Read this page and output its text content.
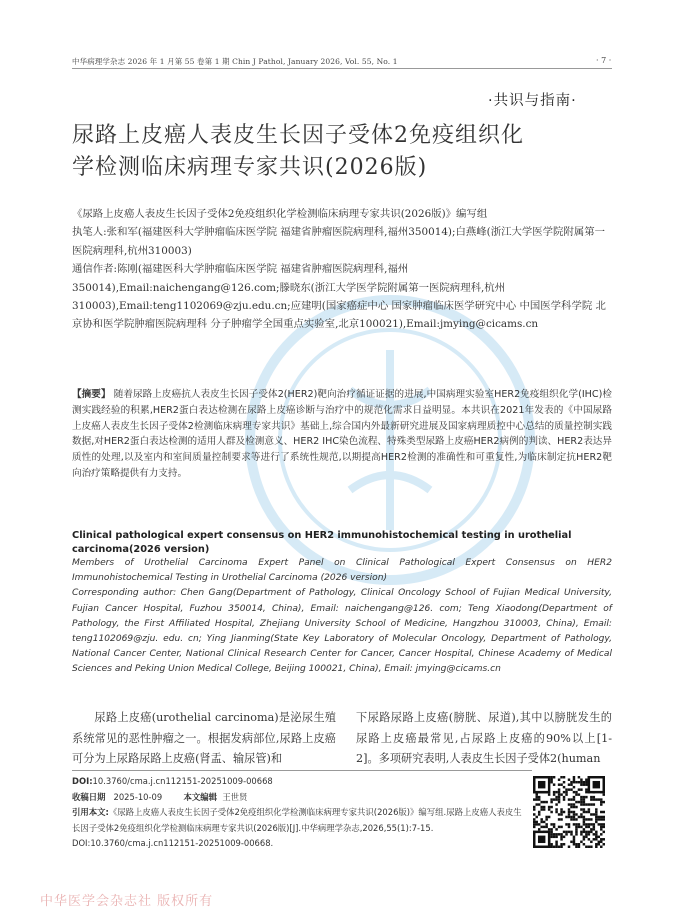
中华病理学杂志 2026 年 1 月第 55 卷第 1 期 Chin J Pathol, January 2026, Vol. 55, No. 1	· 7 ·
·共识与指南·
尿路上皮癌人表皮生长因子受体2免疫组织化学检测临床病理专家共识(2026版)

《尿路上皮癌人表皮生长因子受体2免疫组织化学检测临床病理专家共识(2026版)》编写组

执笔人:张和军(福建医科大学肿瘤临床医学院 福建省肿瘤医院病理科,福州350014);白燕峰(浙江大学医学院附属第一医院病理科,杭州310003)

通信作者:陈刚(福建医科大学肿瘤临床医学院 福建省肿瘤医院病理科,福州350014),Email:naichengang@126.com;滕晓东(浙江大学医学院附属第一医院病理科,杭州310003),Email:teng1102069@zju.edu.cn;应建明(国家癌症中心 国家肿瘤临床医学研究中心 中国医学科学院 北京协和医学院肿瘤医院病理科 分子肿瘤学全国重点实验室,北京100021),Email:jmying@cicams.cn

【摘要】 随着尿路上皮癌抗人表皮生长因子受体2(HER2)靶向治疗循证证据的进展,中国病理实验室HER2免疫组织化学(IHC)检测实践经验的积累,HER2蛋白表达检测在尿路上皮癌诊断与治疗中的规范化需求日益明显。本共识在2021年发表的《中国尿路上皮癌人表皮生长因子受体2检测临床病理专家共识》基础上,综合国内外最新研究进展及国家病理质控中心总结的质量控制实践数据,对HER2蛋白表达检测的适用人群及检测意义、HER2 IHC染色流程、特殊类型尿路上皮癌HER2病例的判读、HER2表达异质性的处理,以及室内和室间质量控制要求等进行了系统性规范,以期提高HER2检测的准确性和可重复性,为临床制定抗HER2靶向治疗策略提供有力支持。
Clinical pathological expert consensus on HER2 immunohistochemical testing in urothelial carcinoma(2026 version)

Members of Urothelial Carcinoma Expert Panel on Clinical Pathological Expert Consensus on HER2 Immunohistochemical Testing in Urothelial Carcinoma (2026 version)

Corresponding author: Chen Gang(Department of Pathology, Clinical Oncology School of Fujian Medical University, Fujian Cancer Hospital, Fuzhou 350014, China), Email: naichengang@126. com; Teng Xiaodong(Department of Pathology, the First Affiliated Hospital, Zhejiang University School of Medicine, Hangzhou 310003, China), Email: teng1102069@zju. edu. cn; Ying Jianming(State Key Laboratory of Molecular Oncology, Department of Pathology, National Cancer Center, National Clinical Research Center for Cancer, Cancer Hospital, Chinese Academy of Medical Sciences and Peking Union Medical College, Beijing 100021, China), Email: jmying@cicams.cn

尿路上皮癌(urothelial carcinoma)是泌尿生殖系统常见的恶性肿瘤之一。根据发病部位,尿路上皮癌可分为上尿路尿路上皮癌(肾盂、输尿管)和
下尿路尿路上皮癌(膀胱、尿道),其中以膀胱发生的尿路上皮癌最常见,占尿路上皮癌的90%以上[1-2]。多项研究表明,人表皮生长因子受体2(human

DOI:10.3760/cma.j.cn112151-20251009-00668

收稿日期 2025-10-09	本文编辑 王世贤

引用本文:《尿路上皮癌人表皮生长因子受体2免疫组织化学检测临床病理专家共识(2026版)》编写组.尿路上皮癌人表皮生长因子受体2免疫组织化学检测临床病理专家共识(2026版)[J].中华病理学杂志,2026,55(1):7-15. DOI:10.3760/cma.j.cn112151-20251009-00668.

中华医学会杂志社 版权所有
